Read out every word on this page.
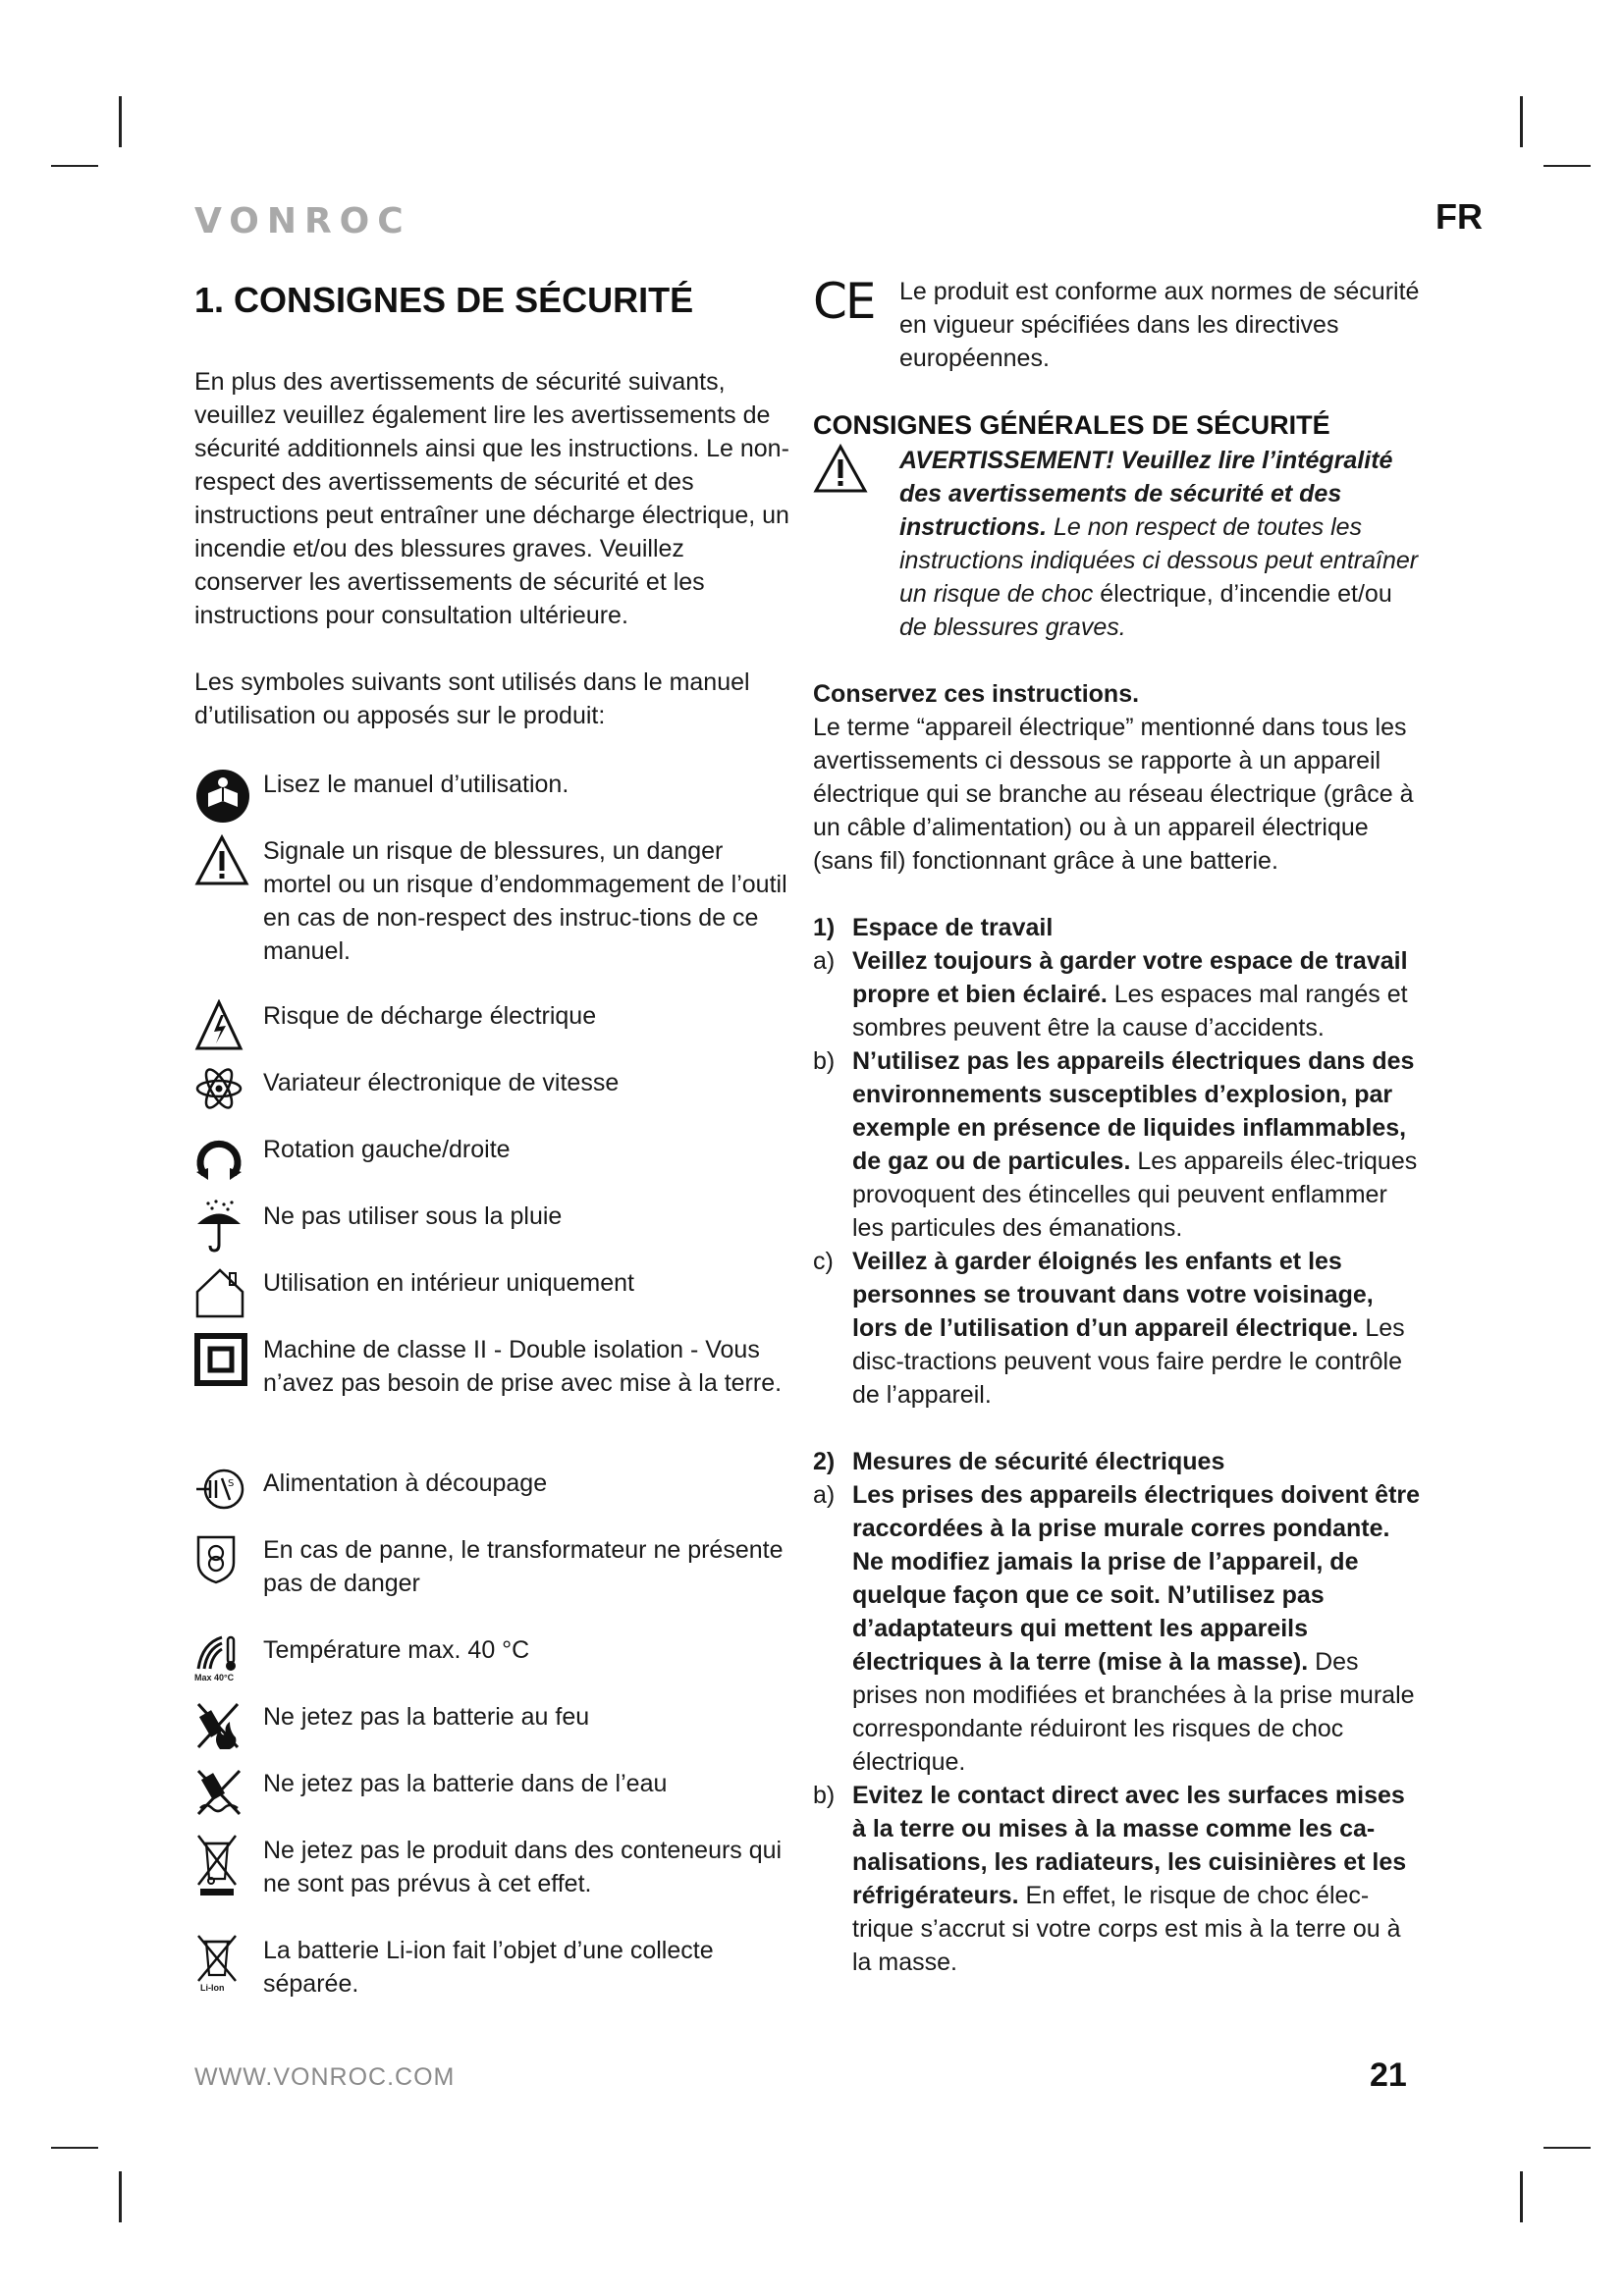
VONROC	FR
1. CONSIGNES DE SÉCURITÉ

En plus des avertissements de sécurité suivants, veuillez veuillez également lire les avertissements de sécurité additionnels ainsi que les instructions. Le non-respect des avertissements de sécurité et des instructions peut entraîner une décharge électrique, un incendie et/ou des blessures graves. Veuillez conserver les avertissements de sécurité et les instructions pour consultation ultérieure.

Les symboles suivants sont utilisés dans le manuel d’utilisation ou apposés sur le produit:

Lisez le manuel d’utilisation.
Signale un risque de blessures, un danger mortel ou un risque d’endommagement de l’outil en cas de non-respect des instruc-tions de ce manuel.
Risque de décharge électrique
Variateur électronique de vitesse
Rotation gauche/droite
Ne pas utiliser sous la pluie
Utilisation en intérieur uniquement
Machine de classe II - Double isolation - Vous n’avez pas besoin de prise avec mise à la terre.
S Alimentation à découpage
En cas de panne, le transformateur ne présente pas de danger
Max 40°C
Température max. 40 °C
Ne jetez pas la batterie au feu
Ne jetez pas la batterie dans de l’eau
Ne jetez pas le produit dans des conteneurs qui ne sont pas prévus à cet effet.
Li-Ion
La batterie Li-ion fait l’objet d’une collecte séparée.
CE	Le produit est conforme aux normes de sécurité en vigueur spécifiées dans les directives européennes.

CONSIGNES GÉNÉRALES DE SÉCURITÉ

AVERTISSEMENT! Veuillez lire l’intégralité des avertissements de sécurité et des instructions. Le non respect de toutes les instructions indiquées ci dessous peut entraîner un risque de choc électrique, d’incendie et/ou de blessures graves.

Conservez ces instructions.

Le terme “appareil électrique” mentionné dans tous les avertissements ci dessous se rapporte à un appareil électrique qui se branche au réseau électrique (grâce à un câble d’alimentation) ou à un appareil électrique (sans fil) fonctionnant grâce à une batterie.

1) Espace de travail
a) Veillez toujours à garder votre espace de travail propre et bien éclairé. Les espaces mal rangés et sombres peuvent être la cause d’accidents.
b) N’utilisez pas les appareils électriques dans des environnements susceptibles d’explosion, par exemple en présence de liquides inflammables, de gaz ou de particules. Les appareils élec-triques provoquent des étincelles qui peuvent enflammer les particules des émanations.
c) Veillez à garder éloignés les enfants et les personnes se trouvant dans votre voisinage, lors de l’utilisation d’un appareil électrique. Les disc-tractions peuvent vous faire perdre le contrôle de l’appareil.
2) Mesures de sécurité électriques
a) Les prises des appareils électriques doivent être raccordées à la prise murale corres pondante. Ne modifiez jamais la prise de l’appareil, de quelque façon que ce soit. N’utilisez pas d’adaptateurs qui mettent les appareils électriques à la terre (mise à la masse). Des prises non modifiées et branchées à la prise murale correspondante réduiront les risques de choc électrique.
b) Evitez le contact direct avec les surfaces mises à la terre ou mises à la masse comme les ca-nalisations, les radiateurs, les cuisinières et les réfrigérateurs. En effet, le risque de choc élec-trique s’accrut si votre corps est mis à la terre ou à la masse.
WWW.VONROC.COM	21
